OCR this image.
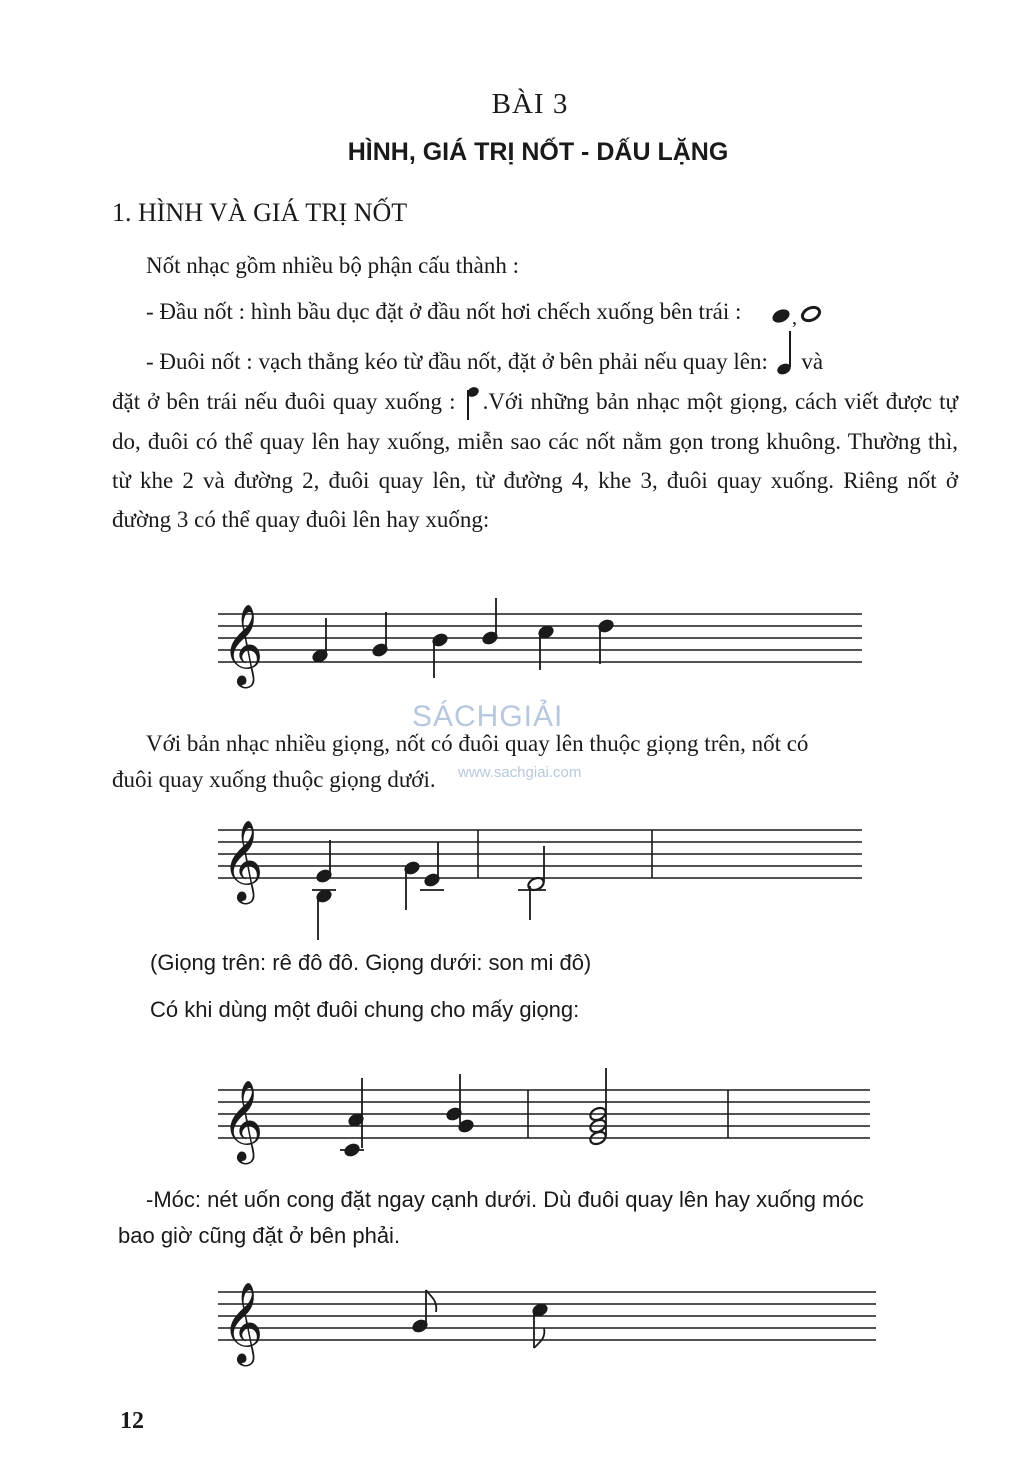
BÀI 3
HÌNH, GIÁ TRỊ NỐT - DẤU LẶNG
1. HÌNH VÀ GIÁ TRỊ NỐT
Nốt nhạc gồm nhiều bộ phận cấu thành :
- Đầu nốt : hình bầu dục đặt ở đầu nốt hơi chếch xuống bên trái :	,
- Đuôi nốt : vạch thẳng kéo từ đầu nốt, đặt ở bên phải nếu quay lên: và
đặt ở bên trái nếu đuôi quay xuống : .Với những bản nhạc một giọng, cách viết được tự do, đuôi có thể quay lên hay xuống, miễn sao các nốt nằm gọn trong khuông. Thường thì, từ khe 2 và đường 2, đuôi quay lên, từ đường 4, khe 3, đuôi quay xuống. Riêng nốt ở đường 3 có thể quay đuôi lên hay xuống:
𝄞
SÁCHGIẢI
www.sachgiai.com
Với bản nhạc nhiều giọng, nốt có đuôi quay lên thuộc giọng trên, nốt có
đuôi quay xuống thuộc giọng dưới.
𝄞
(Giọng trên: rê đô đô. Giọng dưới: son mi đô)
Có khi dùng một đuôi chung cho mấy giọng:
𝄞
-Móc: nét uốn cong đặt ngay cạnh dưới. Dù đuôi quay lên hay xuống móc
bao giờ cũng đặt ở bên phải.
𝄞
12
